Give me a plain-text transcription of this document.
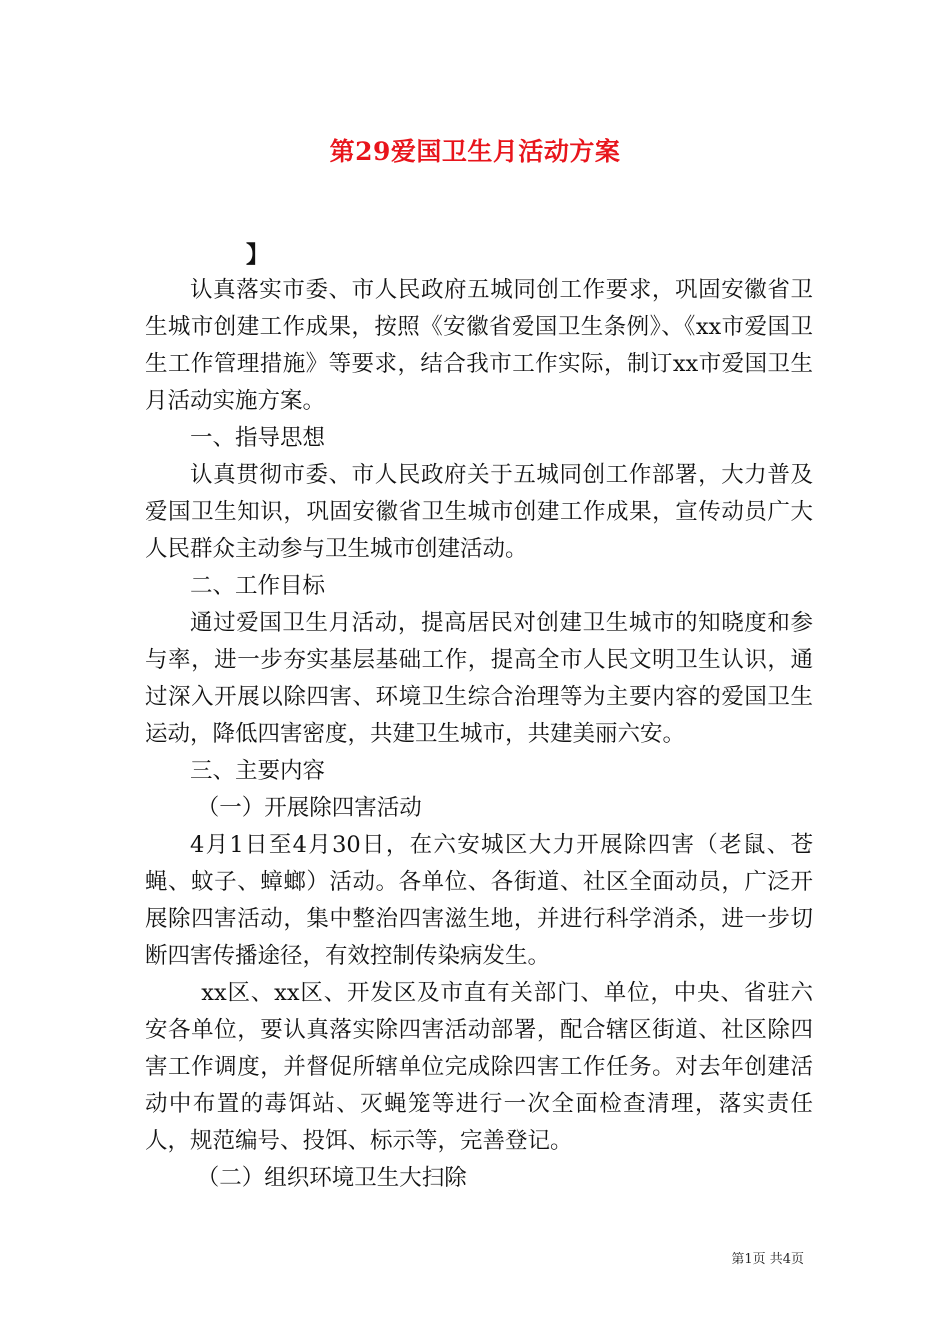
第29爱国卫生月活动方案
】

认真落实市委、市人民政府五城同创工作要求，巩固安徽省卫生城市创建工作成果，按照《安徽省爱国卫生条例》、《xx市爱国卫生工作管理措施》等要求，结合我市工作实际，制订xx市爱国卫生月活动实施方案。

一、指导思想

认真贯彻市委、市人民政府关于五城同创工作部署，大力普及爱国卫生知识，巩固安徽省卫生城市创建工作成果，宣传动员广大人民群众主动参与卫生城市创建活动。

二、工作目标

通过爱国卫生月活动，提高居民对创建卫生城市的知晓度和参与率，进一步夯实基层基础工作，提高全市人民文明卫生认识，通过深入开展以除四害、环境卫生综合治理等为主要内容的爱国卫生运动，降低四害密度，共建卫生城市，共建美丽六安。

三、主要内容

（一）开展除四害活动

4月1日至4月30日，在六安城区大力开展除四害（老鼠、苍蝇、蚊子、蟑螂）活动。各单位、各街道、社区全面动员，广泛开展除四害活动，集中整治四害滋生地，并进行科学消杀，进一步切断四害传播途径，有效控制传染病发生。

xx区、xx区、开发区及市直有关部门、单位，中央、省驻六安各单位，要认真落实除四害活动部署，配合辖区街道、社区除四害工作调度，并督促所辖单位完成除四害工作任务。对去年创建活动中布置的毒饵站、灭蝇笼等进行一次全面检查清理，落实责任人，规范编号、投饵、标示等，完善登记。

（二）组织环境卫生大扫除

第1页 共4页
